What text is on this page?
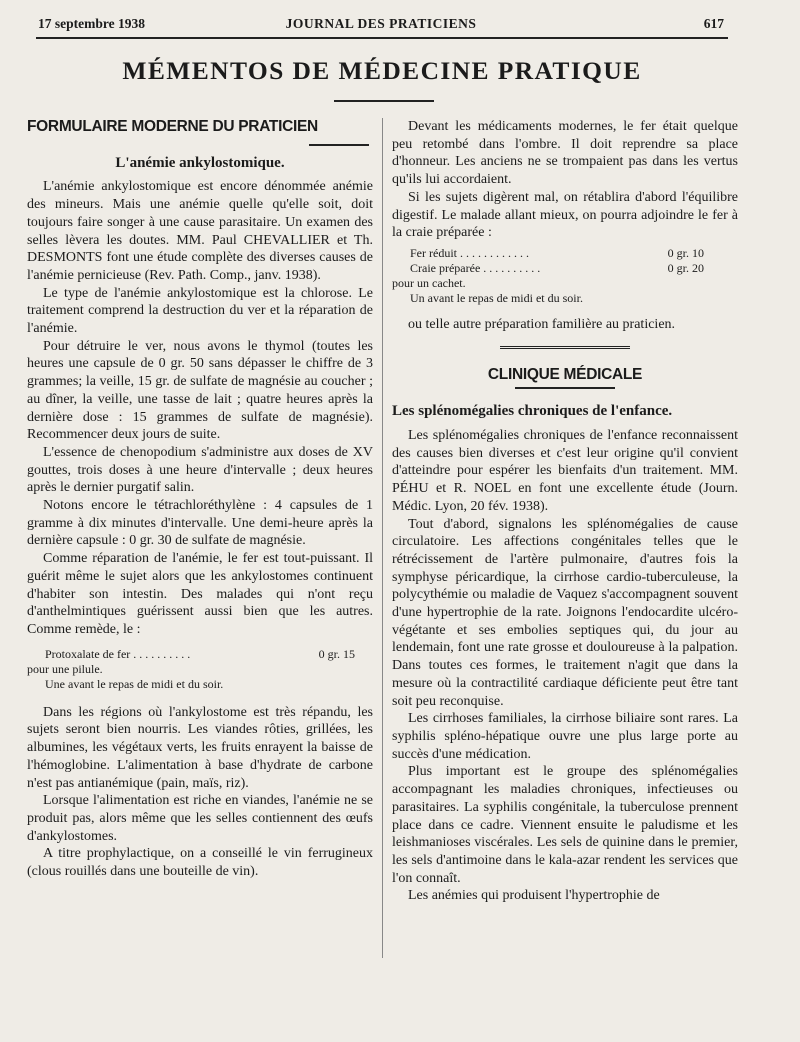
17 septembre 1938	JOURNAL DES PRATICIENS	617
MÉMENTOS DE MÉDECINE PRATIQUE

FORMULAIRE MODERNE DU PRATICIEN

L'anémie ankylostomique.

L'anémie ankylostomique est encore dénommée anémie des mineurs. Mais une anémie quelle qu'elle soit, doit toujours faire songer à une cause parasitaire. Un examen des selles lèvera les doutes. MM. Paul CHEVALLIER et Th. DESMONTS font une étude complète des diverses causes de l'anémie pernicieuse (Rev. Path. Comp., janv. 1938).

Le type de l'anémie ankylostomique est la chlorose. Le traitement comprend la destruction du ver et la réparation de l'anémie.

Pour détruire le ver, nous avons le thymol (toutes les heures une capsule de 0 gr. 50 sans dépasser le chiffre de 3 grammes; la veille, 15 gr. de sulfate de magnésie au coucher ; au dîner, la veille, une tasse de lait ; quatre heures après la dernière dose : 15 grammes de sulfate de magnésie). Recommencer deux jours de suite.

L'essence de chenopodium s'administre aux doses de XV gouttes, trois doses à une heure d'intervalle ; deux heures après le dernier purgatif salin.

Notons encore le tétrachloréthylène : 4 capsules de 1 gramme à dix minutes d'intervalle. Une demi-heure après la dernière capsule : 0 gr. 30 de sulfate de magnésie.

Comme réparation de l'anémie, le fer est tout-puissant. Il guérit même le sujet alors que les ankylostomes continuent d'habiter son intestin. Des malades qui n'ont reçu d'anthelmintiques guérissent aussi bien que les autres. Comme remède, le :

Protoxalate de fer . . . . . . . . . .	0 gr. 15
pour une pilule.
Une avant le repas de midi et du soir.

Dans les régions où l'ankylostome est très répandu, les sujets seront bien nourris. Les viandes rôties, grillées, les albumines, les végétaux verts, les fruits enrayent la baisse de l'hémoglobine. L'alimentation à base d'hydrate de carbone n'est pas antianémique (pain, maïs, riz).

Lorsque l'alimentation est riche en viandes, l'anémie ne se produit pas, alors même que les selles contiennent des œufs d'ankylostomes.

A titre prophylactique, on a conseillé le vin ferrugineux (clous rouillés dans une bouteille de vin).

Devant les médicaments modernes, le fer était quelque peu retombé dans l'ombre. Il doit reprendre sa place d'honneur. Les anciens ne se trompaient pas dans les vertus qu'ils lui accordaient.

Si les sujets digèrent mal, on rétablira d'abord l'équilibre digestif. Le malade allant mieux, on pourra adjoindre le fer à la craie préparée :

Fer réduit . . . . . . . . . . . .	0 gr. 10
Craie préparée . . . . . . . . . .	0 gr. 20
pour un cachet.
Un avant le repas de midi et du soir.

ou telle autre préparation familière au praticien.

CLINIQUE MÉDICALE

Les splénomégalies chroniques de l'enfance.

Les splénomégalies chroniques de l'enfance reconnaissent des causes bien diverses et c'est leur origine qu'il convient d'atteindre pour espérer les bienfaits d'un traitement. MM. PÉHU et R. NOEL en font une excellente étude (Journ. Médic. Lyon, 20 fév. 1938).

Tout d'abord, signalons les splénomégalies de cause circulatoire. Les affections congénitales telles que le rétrécissement de l'artère pulmonaire, d'autres fois la symphyse péricardique, la cirrhose cardio-tuberculeuse, la polycythémie ou maladie de Vaquez s'accompagnent souvent d'une hypertrophie de la rate. Joignons l'endocardite ulcéro-végétante et ses embolies septiques qui, du jour au lendemain, font une rate grosse et douloureuse à la palpation. Dans toutes ces formes, le traitement n'agit que dans la mesure où la contractilité cardiaque déficiente peut être tant soit peu reconquise.

Les cirrhoses familiales, la cirrhose biliaire sont rares. La syphilis spléno-hépatique ouvre une plus large porte au succès d'une médication.

Plus important est le groupe des splénomégalies accompagnant les maladies chroniques, infectieuses ou parasitaires. La syphilis congénitale, la tuberculose prennent place dans ce cadre. Viennent ensuite le paludisme et les leishmanioses viscérales. Les sels de quinine dans le premier, les sels d'antimoine dans le kala-azar rendent les services que l'on connaît.

Les anémies qui produisent l'hypertrophie de
